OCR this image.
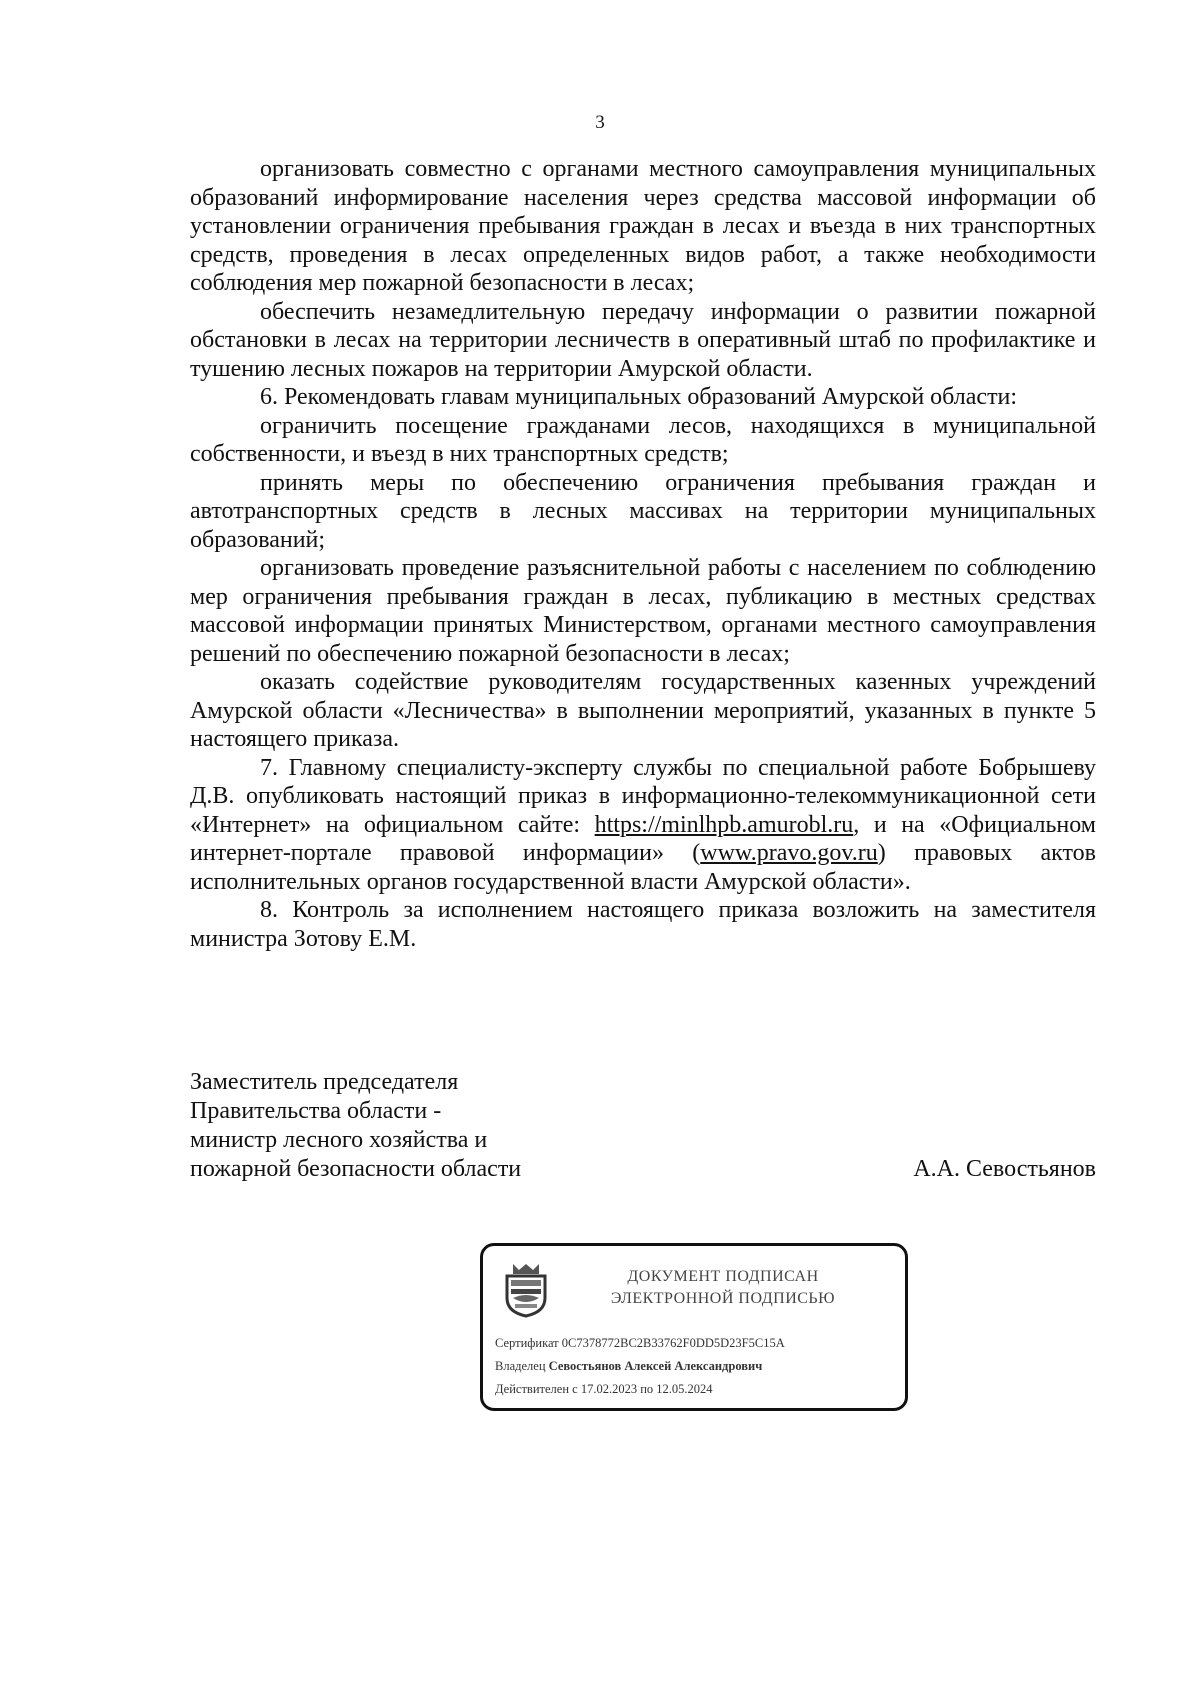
3

организовать совместно с органами местного самоуправления муниципальных образований информирование населения через средства массовой информации об установлении ограничения пребывания граждан в лесах и въезда в них транспортных средств, проведения в лесах определенных видов работ, а также необходимости соблюдения мер пожарной безопасности в лесах;

обеспечить незамедлительную передачу информации о развитии пожарной обстановки в лесах на территории лесничеств в оперативный штаб по профилактике и тушению лесных пожаров на территории Амурской области.

6. Рекомендовать главам муниципальных образований Амурской области:

ограничить посещение гражданами лесов, находящихся в муниципальной собственности, и въезд в них транспортных средств;

принять меры по обеспечению ограничения пребывания граждан и автотранспортных средств в лесных массивах на территории муниципальных образований;

организовать проведение разъяснительной работы с населением по соблюдению мер ограничения пребывания граждан в лесах, публикацию в местных средствах массовой информации принятых Министерством, органами местного самоуправления решений по обеспечению пожарной безопасности в лесах;

оказать содействие руководителям государственных казенных учреждений Амурской области «Лесничества» в выполнении мероприятий, указанных в пункте 5 настоящего приказа.

7. Главному специалисту-эксперту службы по специальной работе Бобрышеву Д.В. опубликовать настоящий приказ в информационно-телекоммуникационной сети «Интернет» на официальном сайте: https://minlhpb.amurobl.ru, и на «Официальном интернет-портале правовой информации» (www.pravo.gov.ru) правовых актов исполнительных органов государственной власти Амурской области».

8. Контроль за исполнением настоящего приказа возложить на заместителя министра Зотову Е.М.

Заместитель председателя
Правительства области -
министр лесного хозяйства и
пожарной безопасности области	А.А. Севостьянов
ДОКУМЕНТ ПОДПИСАН
ЭЛЕКТРОННОЙ ПОДПИСЬЮ
Сертификат 0C7378772BC2B33762F0DD5D23F5C15A
Владелец Севостьянов Алексей Александрович
Действителен с 17.02.2023 по 12.05.2024
